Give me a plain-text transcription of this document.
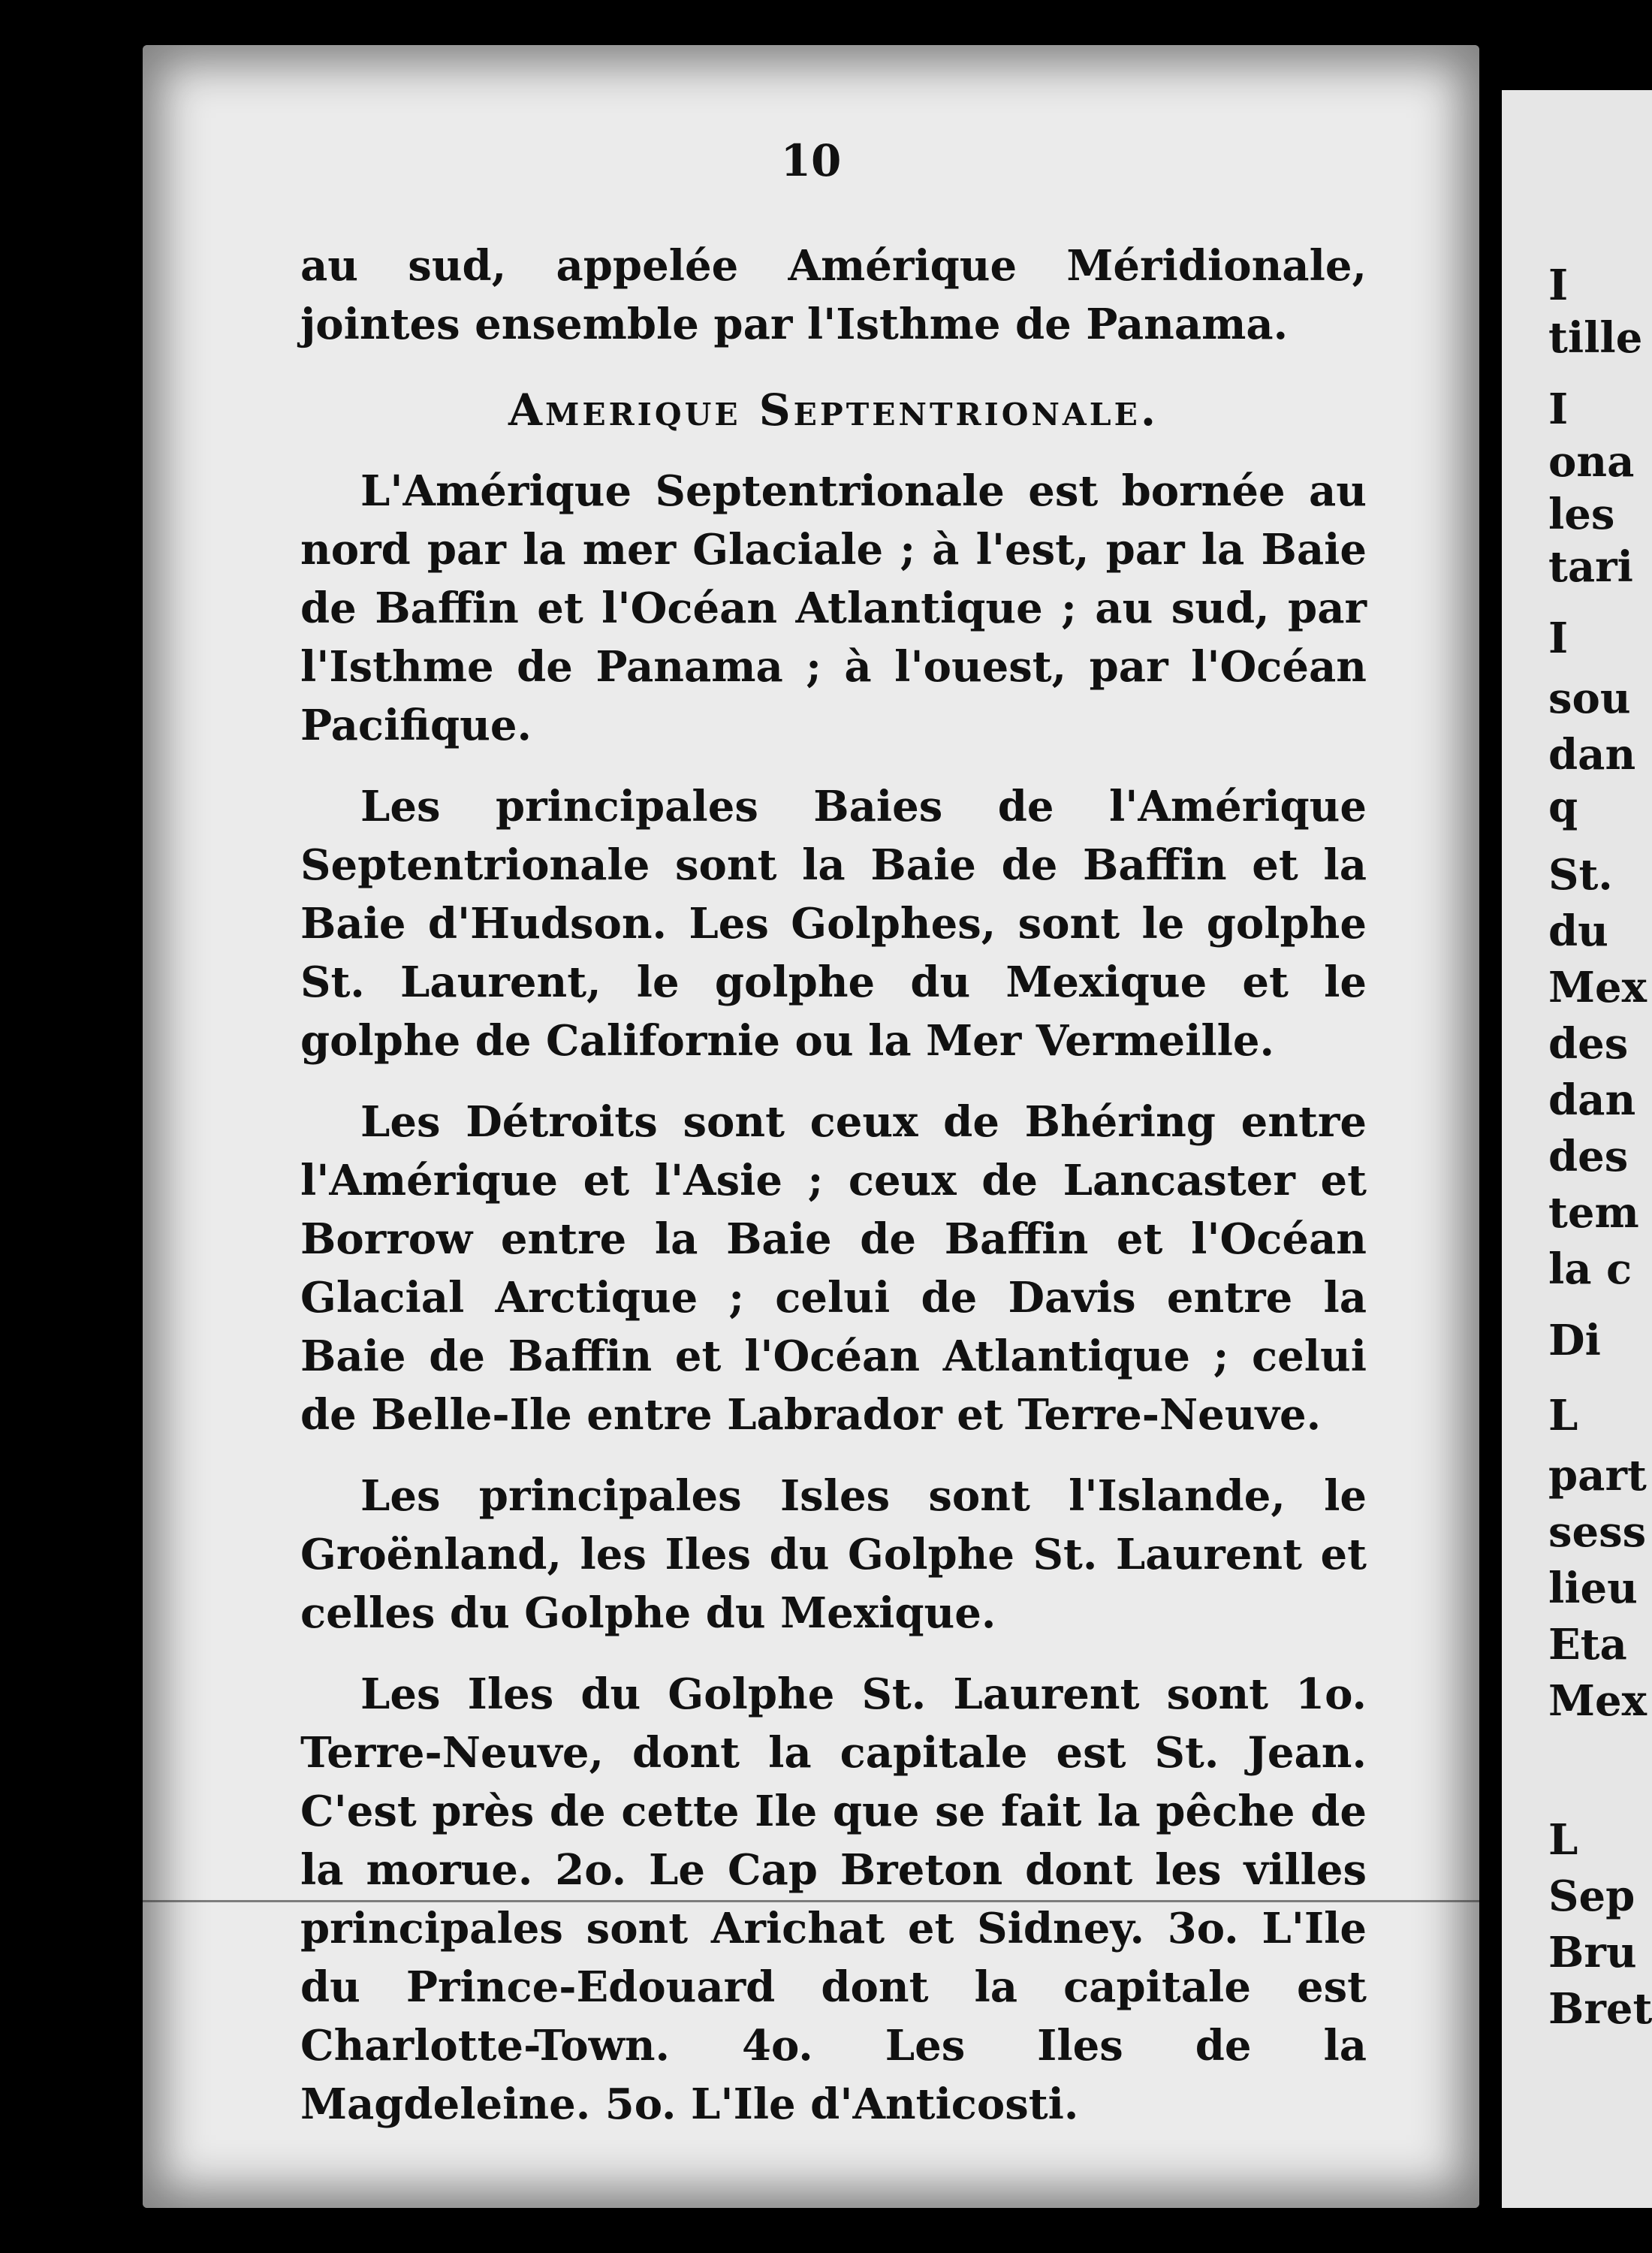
10

au sud, appelée Amérique Méridionale, jointes ensemble par l'Isthme de Panama.

Amerique Septentrionale.

L'Amérique Septentrionale est bornée au nord par la mer Glaciale ; à l'est, par la Baie de Baffin et l'Océan Atlantique ; au sud, par l'Isthme de Panama ; à l'ouest, par l'Océan Pacifique.

Les principales Baies de l'Amérique Septentrionale sont la Baie de Baffin et la Baie d'Hudson. Les Golphes, sont le golphe St. Laurent, le golphe du Mexique et le golphe de Californie ou la Mer Vermeille.

Les Détroits sont ceux de Bhéring entre l'Amérique et l'Asie ; ceux de Lancaster et Borrow entre la Baie de Baffin et l'Océan Glacial Arctique ; celui de Davis entre la Baie de Baffin et l'Océan Atlantique ; celui de Belle-Ile entre Labrador et Terre-Neuve.

Les principales Isles sont l'Islande, le Groënland, les Iles du Golphe St. Laurent et celles du Golphe du Mexique.

Les Iles du Golphe St. Laurent sont 1o. Terre-Neuve, dont la capitale est St. Jean. C'est près de cette Ile que se fait la pêche de la morue. 2o. Le Cap Breton dont les villes principales sont Arichat et Sidney. 3o. L'Ile du Prince-Edouard dont la capitale est Charlotte-Town. 4o. Les Iles de la Magdeleine. 5o. L'Ile d'Anticosti.

I
tille
I
ona
les
tari
I
sou
dan
q
St.
du
Mex
des
dan
des
tem
la c
Di
L
part
sess
lieu
Eta
Mex
L
Sep
Bru
Bret
